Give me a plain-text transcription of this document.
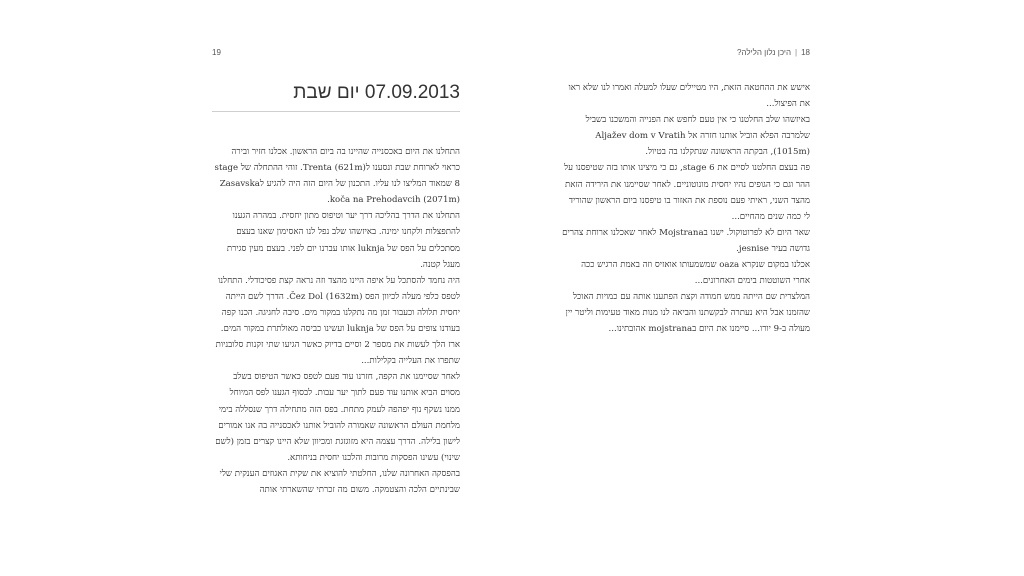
19
07.09.2013 יום שבת

התחלנו את היום באכסנייה שהיינו בה ביום הראשון. אכלנו חזיר ובירה כראוי לארוחת שבת ונסענו לTrenta (621m). זוהי ההתחלה של stage 8 שמאוד המליצו לנו עליו. התכנון של היום הזה היה להגיע לZasavska koča na Prehodavcih (2071m).

התחלנו את הדרך בהליכה דרך יער וטיפוס מתון יחסית. במהרה הגענו להתפצלות ולקחנו ימינה. באיזשהו שלב נפל לנו האסימון שאנו בעצם מסתכלים על הפס של luknja אותו עברנו יום לפני. בעצם מעין סגירת מעגל קטנה.

היה נחמד להסתכל על איפה היינו מהצד וזה נראה קצת פסיכודלי. התחלנו לטפס כלפי מעלה לכיוון הפס Čez Dol (1632m). הדרך לשם הייתה יחסית תלולה וכעבור זמן מה נתקלנו במקור מים. סיבה לחגיגה. הכנו קפה בעודנו צופים על הפס של luknja ועשינו כביסה מאולתרת במקור המים. ארז הלך לעשות את מספר 2 וסיים בדיוק כאשר הגיעו שתי זקנות סלובניות שתפרו את העלייה בקלילות...

לאחר שסיימנו את הקפה, חזרנו עוד פעם לטפס כאשר הטיפוס בשלב מסוים הביא אותנו עוד פעם לתוך יער עבות. לבסוף הגענו לפס המיוחל ממנו נשקף נוף יפהפה לעמק מתחת. בפס הזה מתחילה דרך שנסללה בימי מלחמת העולם הראשונה שאמורה להוביל אותנו לאכסנייה בה אנו אמורים לישון בלילה. הדרך עצמה היא מזוגזגת ומכיוון שלא היינו קצרים בזמן (לשם שינוי) עשינו הפסקות מרובות והלכנו יחסית בניחותא.

בהפסקה האחרונה שלנו, החלטתי להוציא את שקית האגוזים הענקית שלי שבינתיים הלכה והצטמקה. משום מה זכרתי שהשארתי אותה

18|היכן נלון הלילה?

אישש את ההחטאה הזאת, היו מטיילים שעלו למעלה ואמרו לנו שלא ראו את הפיצול...

באיזשהו שלב החלטנו כי אין טעם לחפש את הפנייה והמשכנו בשביל שלמרבה הפלא הוביל אותנו חזרה אל Aljažev dom v Vratih (1015m), הבקתה הראשונה שנתקלנו בה בטיול.

פה בעצם החלטנו לסיים את stage 6, גם כי מיצינו אותו בזה שטיפסנו על ההר וגם כי הגופים נהיו יחסית מונוטוניים. לאחר שסיימנו את הירידה הזאת מהצד השני, ראיתי פעם נוספת את האזור בו טיפסנו ביום הראשון שהוריד לי כמה שנים מהחיים...

שאר היום לא לפרוטוקול. ישנו בMojstrana לאחר שאכלנו ארוחת צהרים גדושה בעיר jesnise.

אכלנו במקום שנקרא oaza שמשמעותו אואזיס וזה באמת הרגיש ככה אחרי השוטטות בימים האחרונים...

המלצרית שם הייתה ממש חמודה וקצת הפתענו אותה עם כמויות האוכל שהזמנו אבל היא נעתרה לבקשתנו והביאה לנו מנות מאוד טעימות וליטר יין מעולה ב-9 יורו... סיימנו את היום בmojstrana אהובתינו...
